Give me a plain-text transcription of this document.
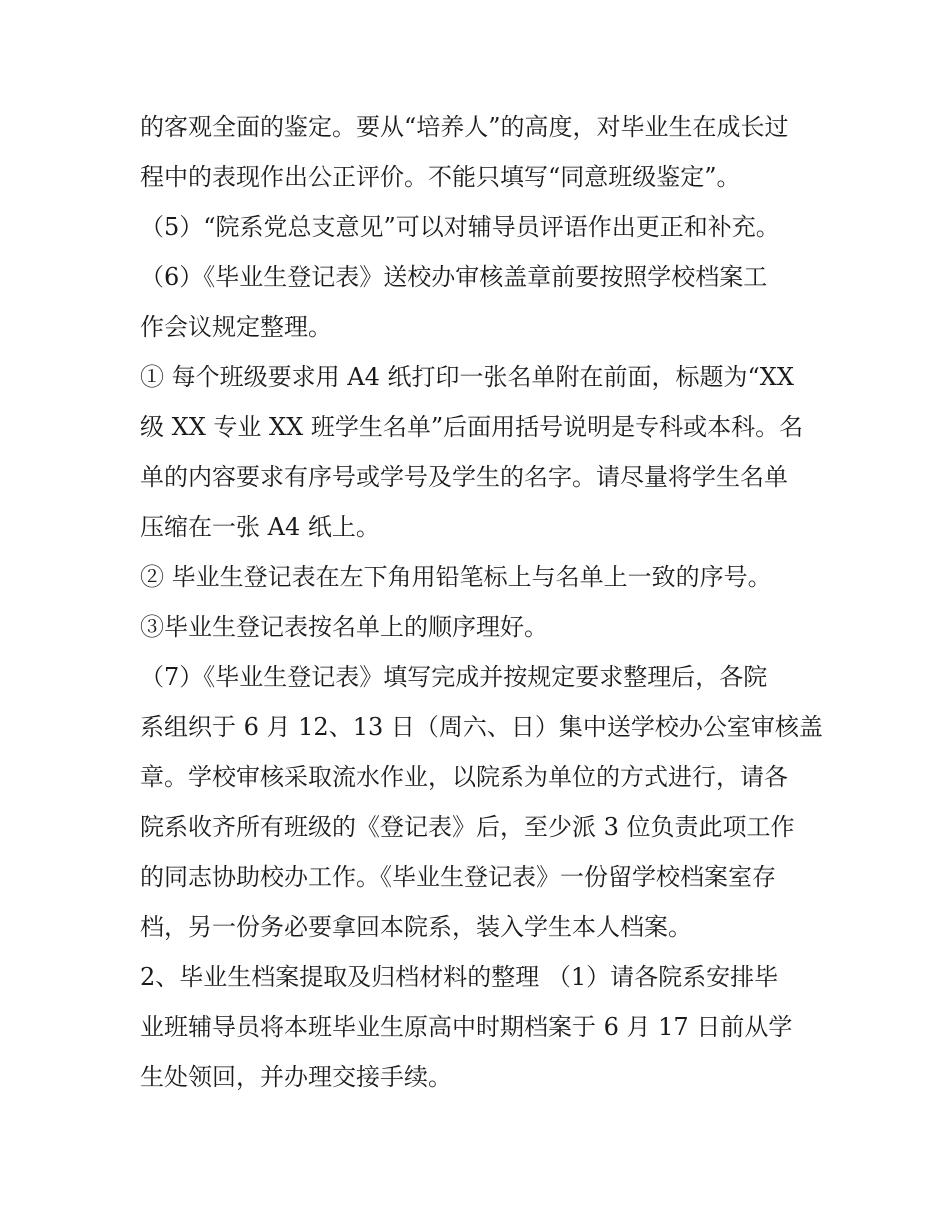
的客观全面的鉴定。要从“培养人”的高度，对毕业生在成长过
程中的表现作出公正评价。不能只填写“同意班级鉴定”。
（5）“院系党总支意见”可以对辅导员评语作出更正和补充。
（6）《毕业生登记表》送校办审核盖章前要按照学校档案工
作会议规定整理。
① 每个班级要求用 A4 纸打印一张名单附在前面，标题为“XX
级 XX 专业 XX 班学生名单”后面用括号说明是专科或本科。名
单的内容要求有序号或学号及学生的名字。请尽量将学生名单
压缩在一张 A4 纸上。
② 毕业生登记表在左下角用铅笔标上与名单上一致的序号。
③毕业生登记表按名单上的顺序理好。
（7）《毕业生登记表》填写完成并按规定要求整理后，各院
系组织于 6 月 12、13 日（周六、日）集中送学校办公室审核盖
章。学校审核采取流水作业，以院系为单位的方式进行，请各
院系收齐所有班级的《登记表》后，至少派 3 位负责此项工作
的同志协助校办工作。《毕业生登记表》一份留学校档案室存
档，另一份务必要拿回本院系，装入学生本人档案。
2、毕业生档案提取及归档材料的整理 （1）请各院系安排毕
业班辅导员将本班毕业生原高中时期档案于 6 月 17 日前从学
生处领回，并办理交接手续。
